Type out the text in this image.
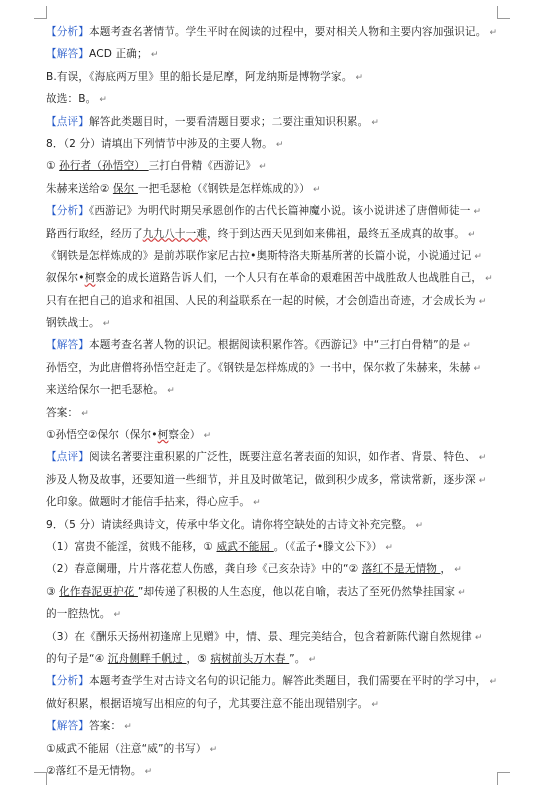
【分析】本题考查名著情节。学生平时在阅读的过程中，要对相关人物和主要内容加强识记。 ↵
【解答】ACD 正确； ↵
B.有误，《海底两万里》里的船长是尼摩，阿龙纳斯是博物学家。 ↵
故选：B。 ↵
【点评】解答此类题目时，一要看清题目要求；二要注重知识积累。 ↵
8．（2 分）请填出下列情节中涉及的主要人物。 ↵
① 孙行者（孙悟空） 三打白骨精《西游记》 ↵
朱赫来送给② 保尔 一把毛瑟枪（《钢铁是怎样炼成的》） ↵
【分析】《西游记》为明代时期吴承恩创作的古代长篇神魔小说。该小说讲述了唐僧师徒一 ↵
路西行取经，经历了九九八十一难，终于到达西天见到如来佛祖，最终五圣成真的故事。 ↵
《钢铁是怎样炼成的》是前苏联作家尼古拉•奥斯特洛夫斯基所著的长篇小说，小说通过记 ↵
叙保尔•柯察金的成长道路告诉人们，一个人只有在革命的艰难困苦中战胜敌人也战胜自己， ↵
只有在把自己的追求和祖国、人民的利益联系在一起的时候，才会创造出奇迹，才会成长为 ↵
钢铁战士。 ↵
【解答】本题考查名著人物的识记。根据阅读积累作答。《西游记》中“三打白骨精”的是 ↵
孙悟空，为此唐僧将孙悟空赶走了。《钢铁是怎样炼成的》一书中，保尔救了朱赫来，朱赫 ↵
来送给保尔一把毛瑟枪。 ↵
答案： ↵
①孙悟空②保尔（保尔•柯察金） ↵
【点评】阅读名著要注重积累的广泛性，既要注意名著表面的知识，如作者、背景、特色、 ↵
涉及人物及故事，还要知道一些细节，并且及时做笔记，做到积少成多，常读常新，逐步深 ↵
化印象。做题时才能信手拈来，得心应手。 ↵
9．（5 分）请读经典诗文，传承中华文化。请你将空缺处的古诗文补充完整。 ↵
（1）富贵不能淫，贫贱不能移，① 威武不能屈 。（《孟子•滕文公下》） ↵
（2）春意阑珊，片片落花惹人伤感，龚自珍《己亥杂诗》中的“② 落红不是无情物 ， ↵
③ 化作春泥更护花 ”却传递了积极的人生态度，他以花自喻，表达了至死仍然挚挂国家 ↵
的一腔热忱。 ↵
（3）在《酬乐天扬州初逢席上见赠》中，情、景、理完美结合，包含着新陈代谢自然规律 ↵
的句子是“④ 沉舟侧畔千帆过 ，⑤ 病树前头万木春 ”。 ↵
【分析】本题考查学生对古诗文名句的识记能力。解答此类题目，我们需要在平时的学习中， ↵
做好积累，根据语境写出相应的句子，尤其要注意不能出现错别字。 ↵
【解答】答案： ↵
①威武不能屈（注意“威”的书写） ↵
②落红不是无情物。 ↵
